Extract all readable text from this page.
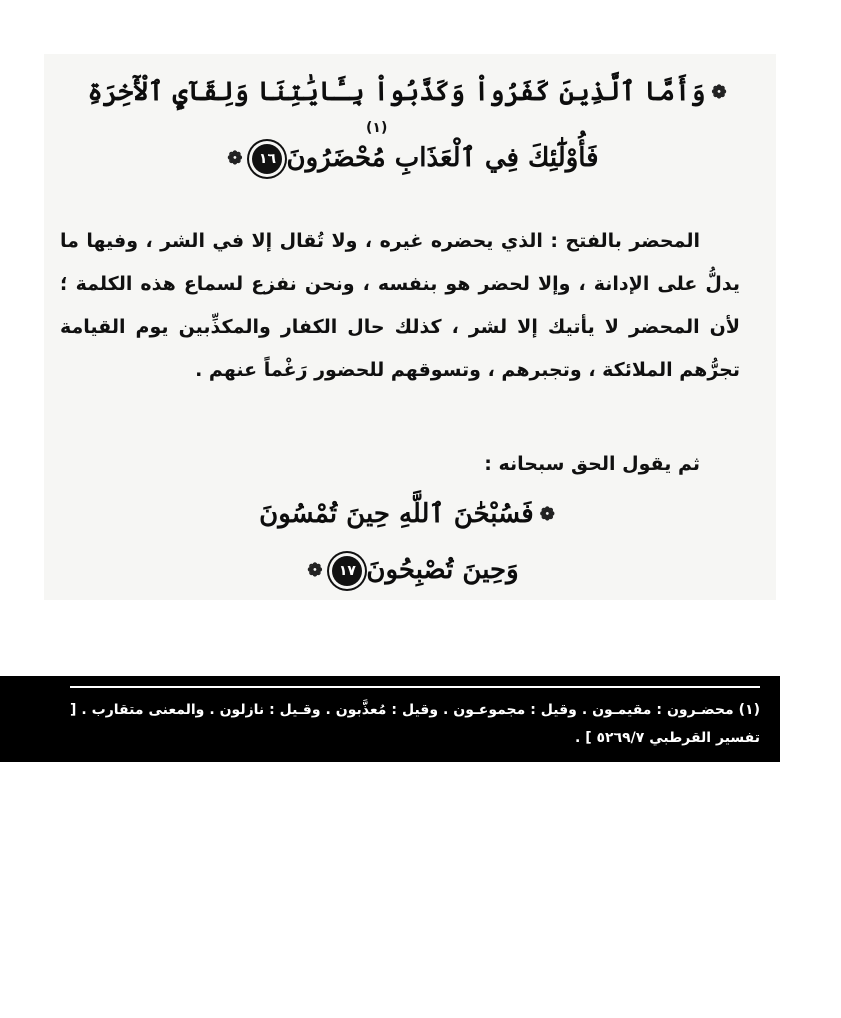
❁وَأَمَّا ٱلَّذِينَ كَفَرُواْ وَكَذَّبُواْ بِـَٔايَٰتِنَا وَلِقَآيِٕ ٱلْأٓخِرَةِ
(١)
فَأُوْلَٰٓئِكَ فِي ٱلْعَذَابِ مُحْضَرُونَ١٦❁

المحضر بالفتح : الذي يحضره غيره ، ولا تُقال إلا في الشر ، وفيها ما يدلُّ على الإدانة ، وإلا لحضر هو بنفسه ، ونحن نفزع لسماع هذه الكلمة ؛ لأن المحضر لا يأتيك إلا لشر ، كذلك حال الكفار والمكذِّبين يوم القيامة تجرُّهم الملائكة ، وتجبرهم ، وتسوقهم للحضور رَغْماً عنهم .

ثم يقول الحق سبحانه :
❁فَسُبْحَٰنَ ٱللَّهِ حِينَ تُمْسُونَ
وَحِينَ تُصْبِحُونَ١٧❁
(١) محضـرون : مقيمـون . وقيل : مجموعـون . وقيل : مُعذَّبون . وقـيل : نازلون . والمعنى متقارب . [ تفسير القرطبي ٥٢٦٩/٧ ] .
